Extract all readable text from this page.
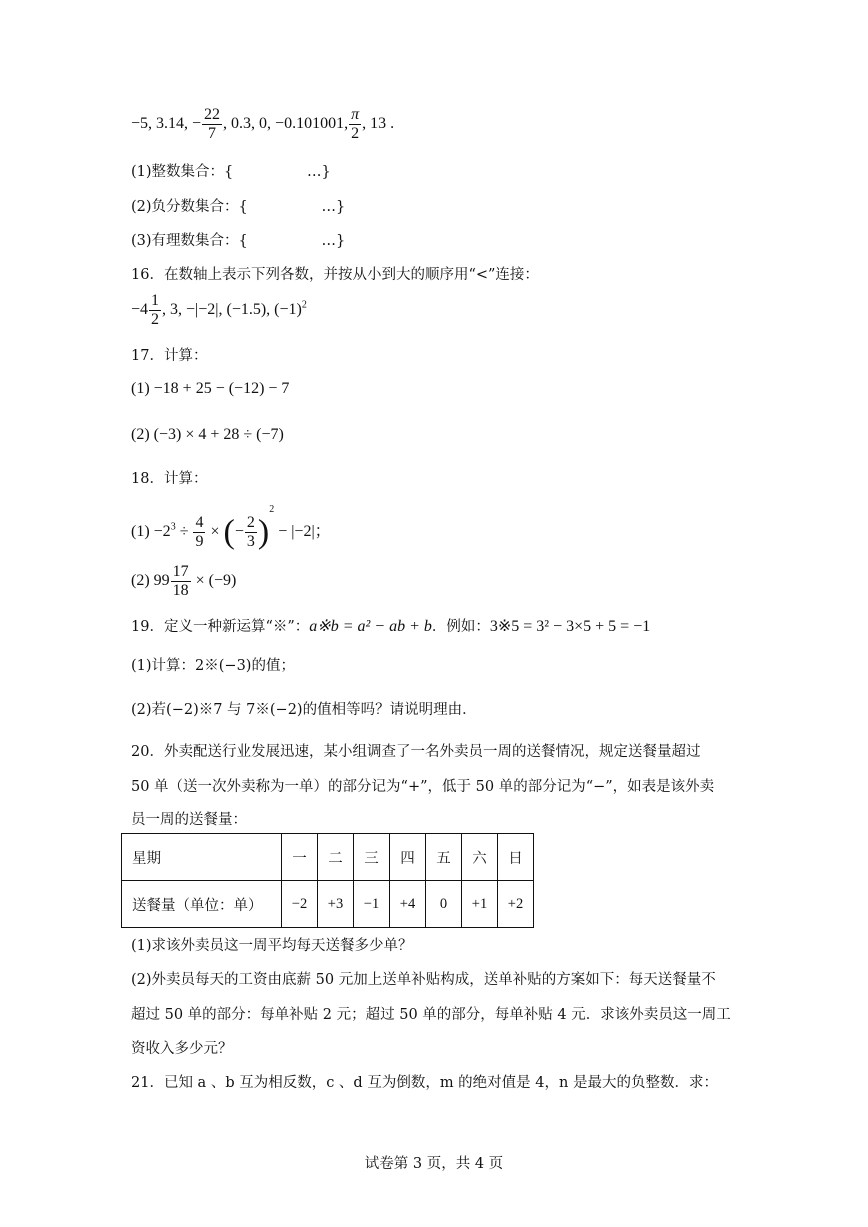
−5, 3.14, − $\frac{22}{7}$ , 0.3, 0, −0.101001, $\frac{\pi}{2}$ , 13 .
(1)整数集合：{                …}
(2)负分数集合：{                …}
(3)有理数集合：{                …}
16．在数轴上表示下列各数，并按从小到大的顺序用“<”连接：
$-4 \frac{1}{2}$ , 3, −|−2|, (−1.5), $(-1)^2$
17．计算：
(1) −18 + 25 − (−12) − 7
(2) (−3) × 4 + 28 ÷ (−7)
18．计算：
$(1) -2^3 \div \frac{4}{9}$ × (− $\frac{2}{3} )^2 - |-2|$；
(2) $99 \frac{17}{18} \times (-9)$
19．定义一种新运算“※”：a※b = a² − ab + b．例如：3※5 = 3² − 3×5 + 5 = −1
(1)计算：2※(−3)的值；
(2)若(−2)※7 与 7※(−2)的值相等吗？请说明理由．
20．外卖配送行业发展迅速，某小组调查了一名外卖员一周的送餐情况，规定送餐量超过
50 单（送一次外卖称为一单）的部分记为“+”，低于 50 单的部分记为“−”，如表是该外卖
员一周的送餐量：
星期	一	二	三	四	五	六	日
送餐量（单位：单）	−2	+3	−1	+4	0	+1	+2
(1)求该外卖员这一周平均每天送餐多少单？
(2)外卖员每天的工资由底薪 50 元加上送单补贴构成，送单补贴的方案如下：每天送餐量不
超过 50 单的部分：每单补贴 2 元；超过 50 单的部分，每单补贴 4 元．求该外卖员这一周工
资收入多少元？
21．已知 a 、b 互为相反数，c 、d 互为倒数，m 的绝对值是 4，n 是最大的负整数．求：
试卷第 3 页，共 4 页
